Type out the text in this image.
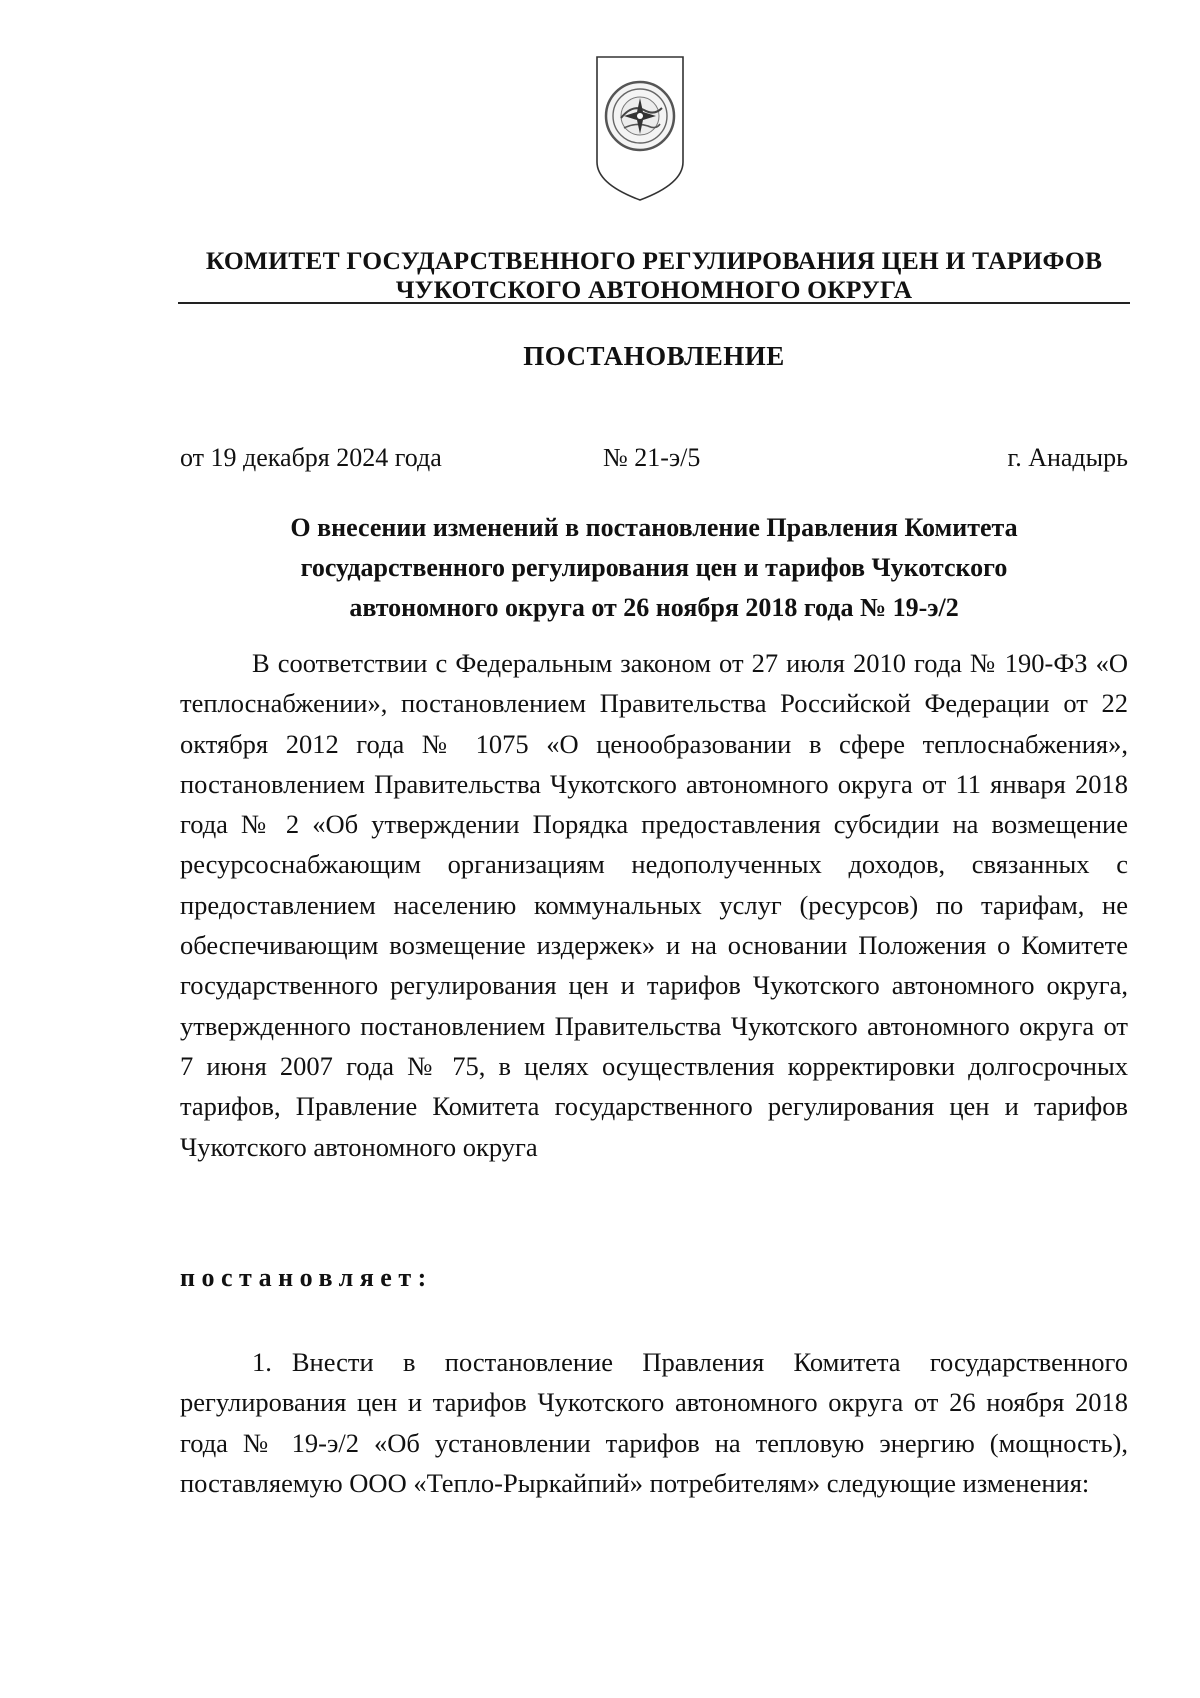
КОМИТЕТ ГОСУДАРСТВЕННОГО РЕГУЛИРОВАНИЯ ЦЕН И ТАРИФОВ
ЧУКОТСКОГО АВТОНОМНОГО ОКРУГА
ПОСТАНОВЛЕНИЕ
от 19 декабря 2024 года	№ 21-э/5	г. Анадырь
О внесении изменений в постановление Правления Комитета
государственного регулирования цен и тарифов Чукотского
автономного округа от 26 ноября 2018 года № 19-э/2
В соответствии с Федеральным законом от 27 июля 2010 года № 190-ФЗ «О теплоснабжении», постановлением Правительства Российской Федерации от 22 октября 2012 года № 1075 «О ценообразовании в сфере теплоснабжения», постановлением Правительства Чукотского автономного округа от 11 января 2018 года № 2 «Об утверждении Порядка предоставления субсидии на возмещение ресурсоснабжающим организациям недополученных доходов, связанных с предоставлением населению коммунальных услуг (ресурсов) по тарифам, не обеспечивающим возмещение издержек» и на основании Положения о Комитете государственного регулирования цен и тарифов Чукотского автономного округа, утвержденного постановлением Правительства Чукотского автономного округа от 7 июня 2007 года № 75, в целях осуществления корректировки долгосрочных тарифов, Правление Комитета государственного регулирования цен и тарифов Чукотского автономного округа
постановляет:
1. Внести в постановление Правления Комитета государственного регулирования цен и тарифов Чукотского автономного округа от 26 ноября 2018 года № 19-э/2 «Об установлении тарифов на тепловую энергию (мощность), поставляемую ООО «Тепло-Рыркайпий» потребителям» следующие изменения:
